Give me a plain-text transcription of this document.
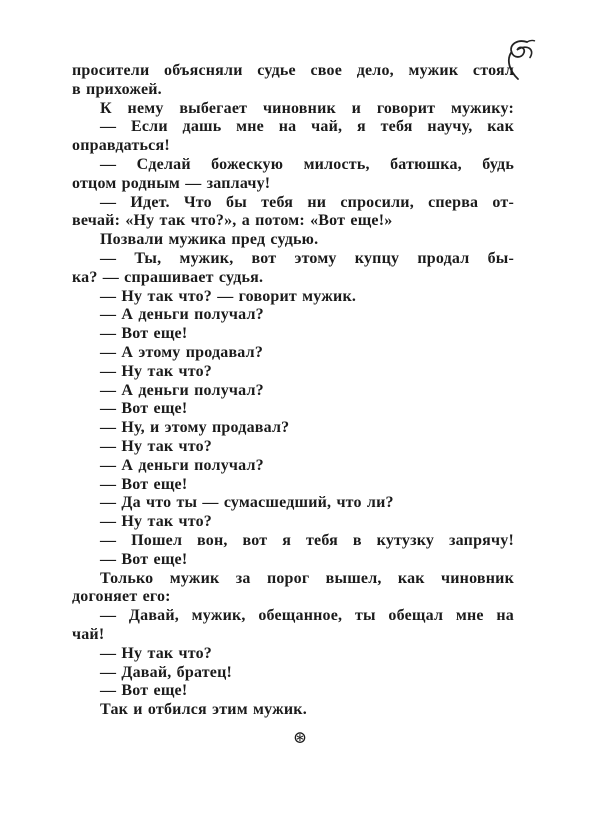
просители объясняли судье свое дело, мужик стоял
в прихожей.
К нему выбегает чиновник и говорит мужику:
— Если дашь мне на чай, я тебя научу, как
оправдаться!
— Сделай божескую милость, батюшка, будь
отцом родным — заплачу!
— Идет. Что бы тебя ни спросили, сперва от-
вечай: «Ну так что?», а потом: «Вот еще!»
Позвали мужика пред судью.
— Ты, мужик, вот этому купцу продал бы-
ка? — спрашивает судья.
— Ну так что? — говорит мужик.
— А деньги получал?
— Вот еще!
— А этому продавал?
— Ну так что?
— А деньги получал?
— Вот еще!
— Ну, и этому продавал?
— Ну так что?
— А деньги получал?
— Вот еще!
— Да что ты — сумасшедший, что ли?
— Ну так что?
— Пошел вон, вот я тебя в кутузку запрячу!
— Вот еще!
Только мужик за порог вышел, как чиновник
догоняет его:
— Давай, мужик, обещанное, ты обещал мне на
чай!
— Ну так что?
— Давай, братец!
— Вот еще!
Так и отбился этим мужик.
⊛
